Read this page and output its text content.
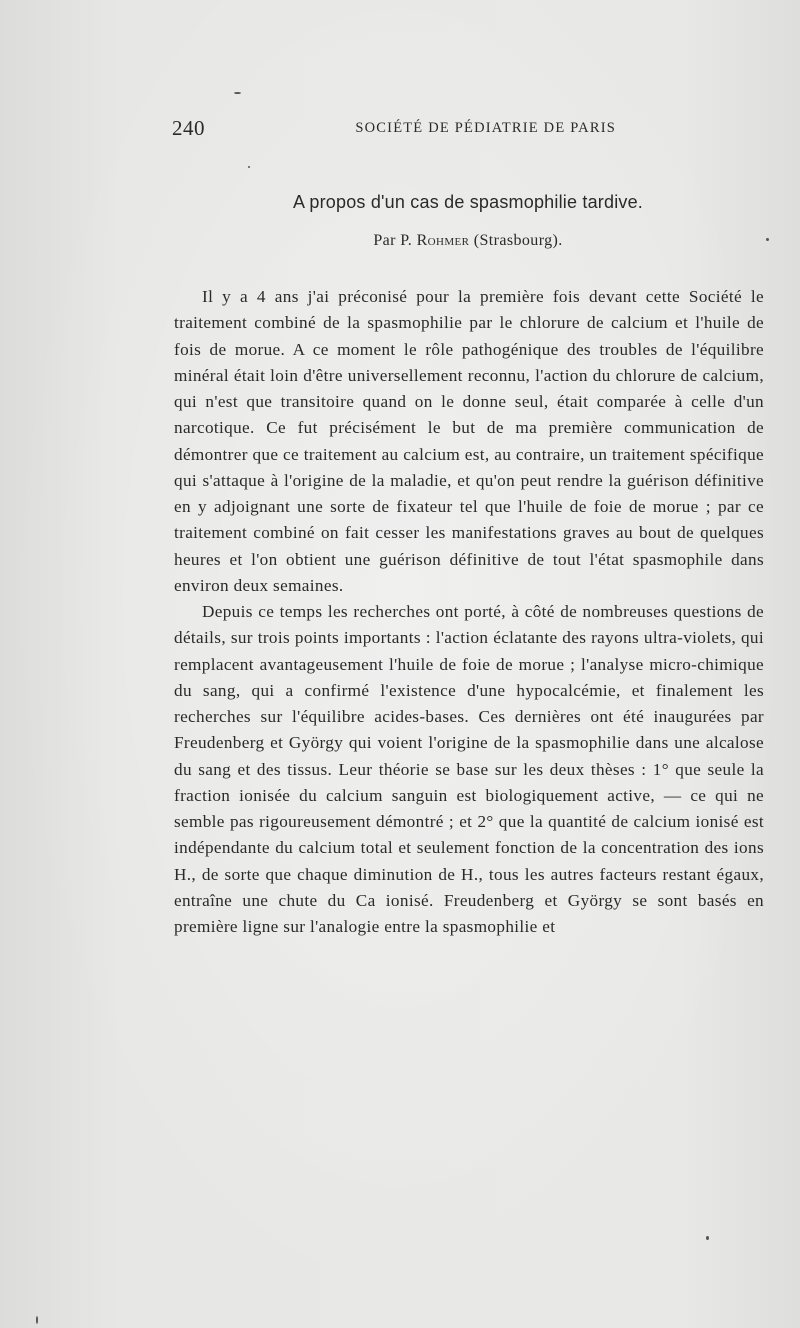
240	SOCIÉTÉ DE PÉDIATRIE DE PARIS
A propos d'un cas de spasmophilie tardive.
Par P. Rohmer (Strasbourg).

Il y a 4 ans j'ai préconisé pour la première fois devant cette Société le traitement combiné de la spasmophilie par le chlorure de calcium et l'huile de fois de morue. A ce moment le rôle pathogénique des troubles de l'équilibre minéral était loin d'être universellement reconnu, l'action du chlorure de calcium, qui n'est que transitoire quand on le donne seul, était comparée à celle d'un narcotique. Ce fut précisément le but de ma première communication de démontrer que ce traitement au calcium est, au contraire, un traitement spécifique qui s'attaque à l'origine de la maladie, et qu'on peut rendre la guérison définitive en y adjoignant une sorte de fixateur tel que l'huile de foie de morue ; par ce traitement combiné on fait cesser les manifestations graves au bout de quelques heures et l'on obtient une guérison définitive de tout l'état spasmophile dans environ deux semaines.

Depuis ce temps les recherches ont porté, à côté de nombreuses questions de détails, sur trois points importants : l'action éclatante des rayons ultra-violets, qui remplacent avantageusement l'huile de foie de morue ; l'analyse micro-chimique du sang, qui a confirmé l'existence d'une hypocalcémie, et finalement les recherches sur l'équilibre acides-bases. Ces dernières ont été inaugurées par Freudenberg et György qui voient l'origine de la spasmophilie dans une alcalose du sang et des tissus. Leur théorie se base sur les deux thèses : 1° que seule la fraction ionisée du calcium sanguin est biologiquement active, — ce qui ne semble pas rigoureusement démontré ; et 2° que la quantité de calcium ionisé est indépendante du calcium total et seulement fonction de la concentration des ions H., de sorte que chaque diminution de H., tous les autres facteurs restant égaux, entraîne une chute du Ca ionisé. Freudenberg et György se sont basés en première ligne sur l'analogie entre la spasmophilie et
